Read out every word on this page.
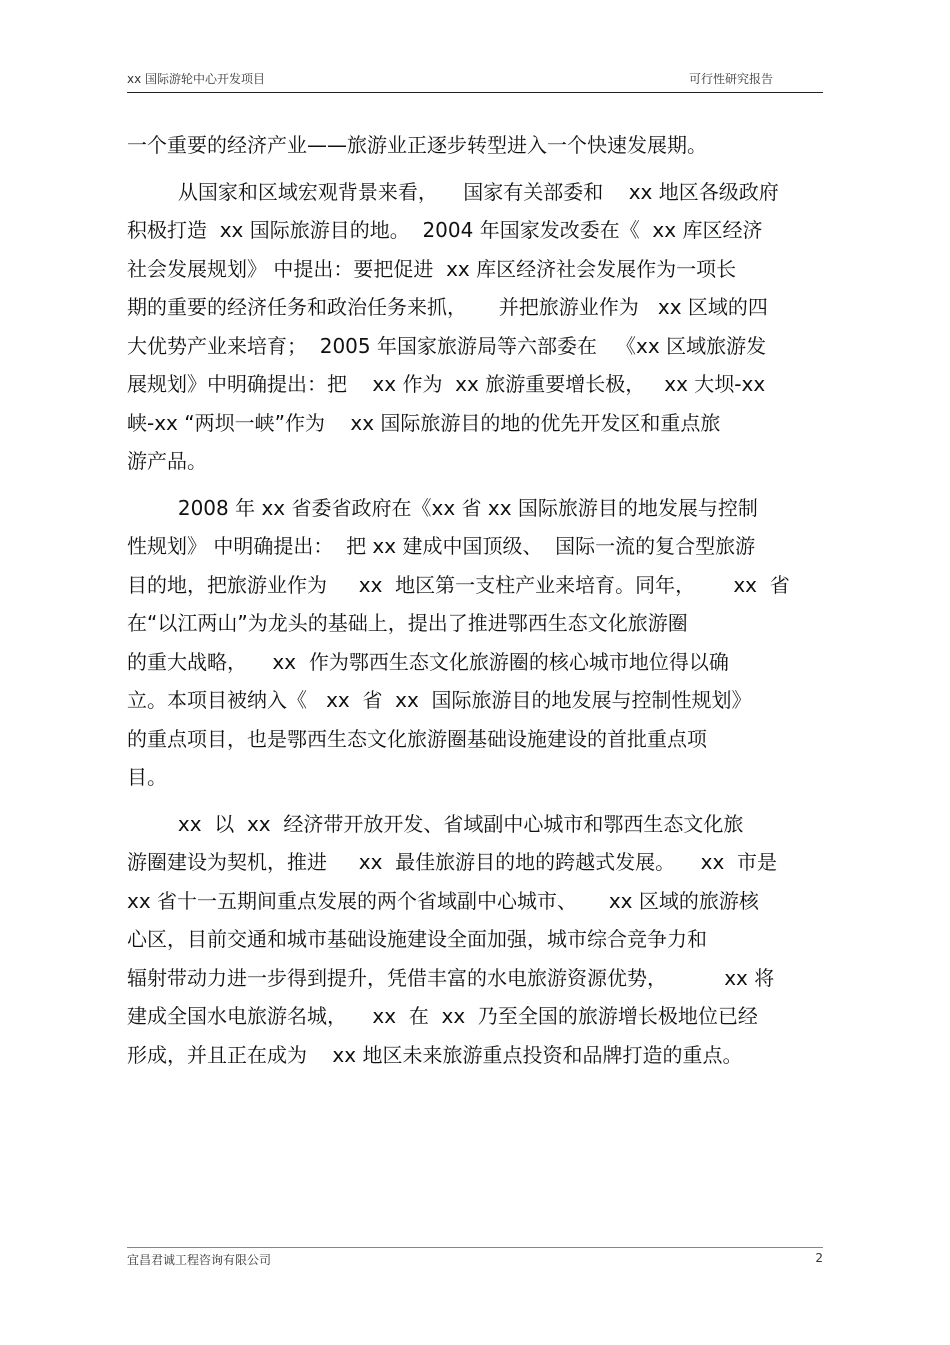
xx 国际游轮中心开发项目	可行性研究报告

一个重要的经济产业——旅游业正逐步转型进入一个快速发展期。

从国家和区域宏观背景来看，    国家有关部委和    xx 地区各级政府

积极打造  xx 国际旅游目的地。  2004 年国家发改委在《  xx 库区经济

社会发展规划》 中提出：要把促进  xx 库区经济社会发展作为一项长

期的重要的经济任务和政治任务来抓，     并把旅游业作为   xx 区域的四

大优势产业来培育；  2005 年国家旅游局等六部委在   《xx 区域旅游发

展规划》中明确提出：把    xx 作为  xx 旅游重要增长极，   xx 大坝-xx

峡-xx “两坝一峡”作为    xx 国际旅游目的地的优先开发区和重点旅

游产品。

2008 年 xx 省委省政府在《xx 省 xx 国际旅游目的地发展与控制

性规划》 中明确提出：  把 xx 建成中国顶级、  国际一流的复合型旅游

目的地，把旅游业作为     xx  地区第一支柱产业来培育。同年，      xx  省

在“以江两山”为龙头的基础上，提出了推进鄂西生态文化旅游圈

的重大战略，    xx  作为鄂西生态文化旅游圈的核心城市地位得以确

立。本项目被纳入《   xx  省  xx  国际旅游目的地发展与控制性规划》

的重点项目，也是鄂西生态文化旅游圈基础设施建设的首批重点项

目。

xx  以  xx  经济带开放开发、省域副中心城市和鄂西生态文化旅

游圈建设为契机，推进     xx  最佳旅游目的地的跨越式发展。    xx  市是

xx 省十一五期间重点发展的两个省域副中心城市、     xx 区域的旅游核

心区，目前交通和城市基础设施建设全面加强，城市综合竞争力和

辐射带动力进一步得到提升，凭借丰富的水电旅游资源优势，         xx 将

建成全国水电旅游名城，    xx  在  xx  乃至全国的旅游增长极地位已经

形成，并且正在成为    xx 地区未来旅游重点投资和品牌打造的重点。

宜昌君诚工程咨询有限公司	2
